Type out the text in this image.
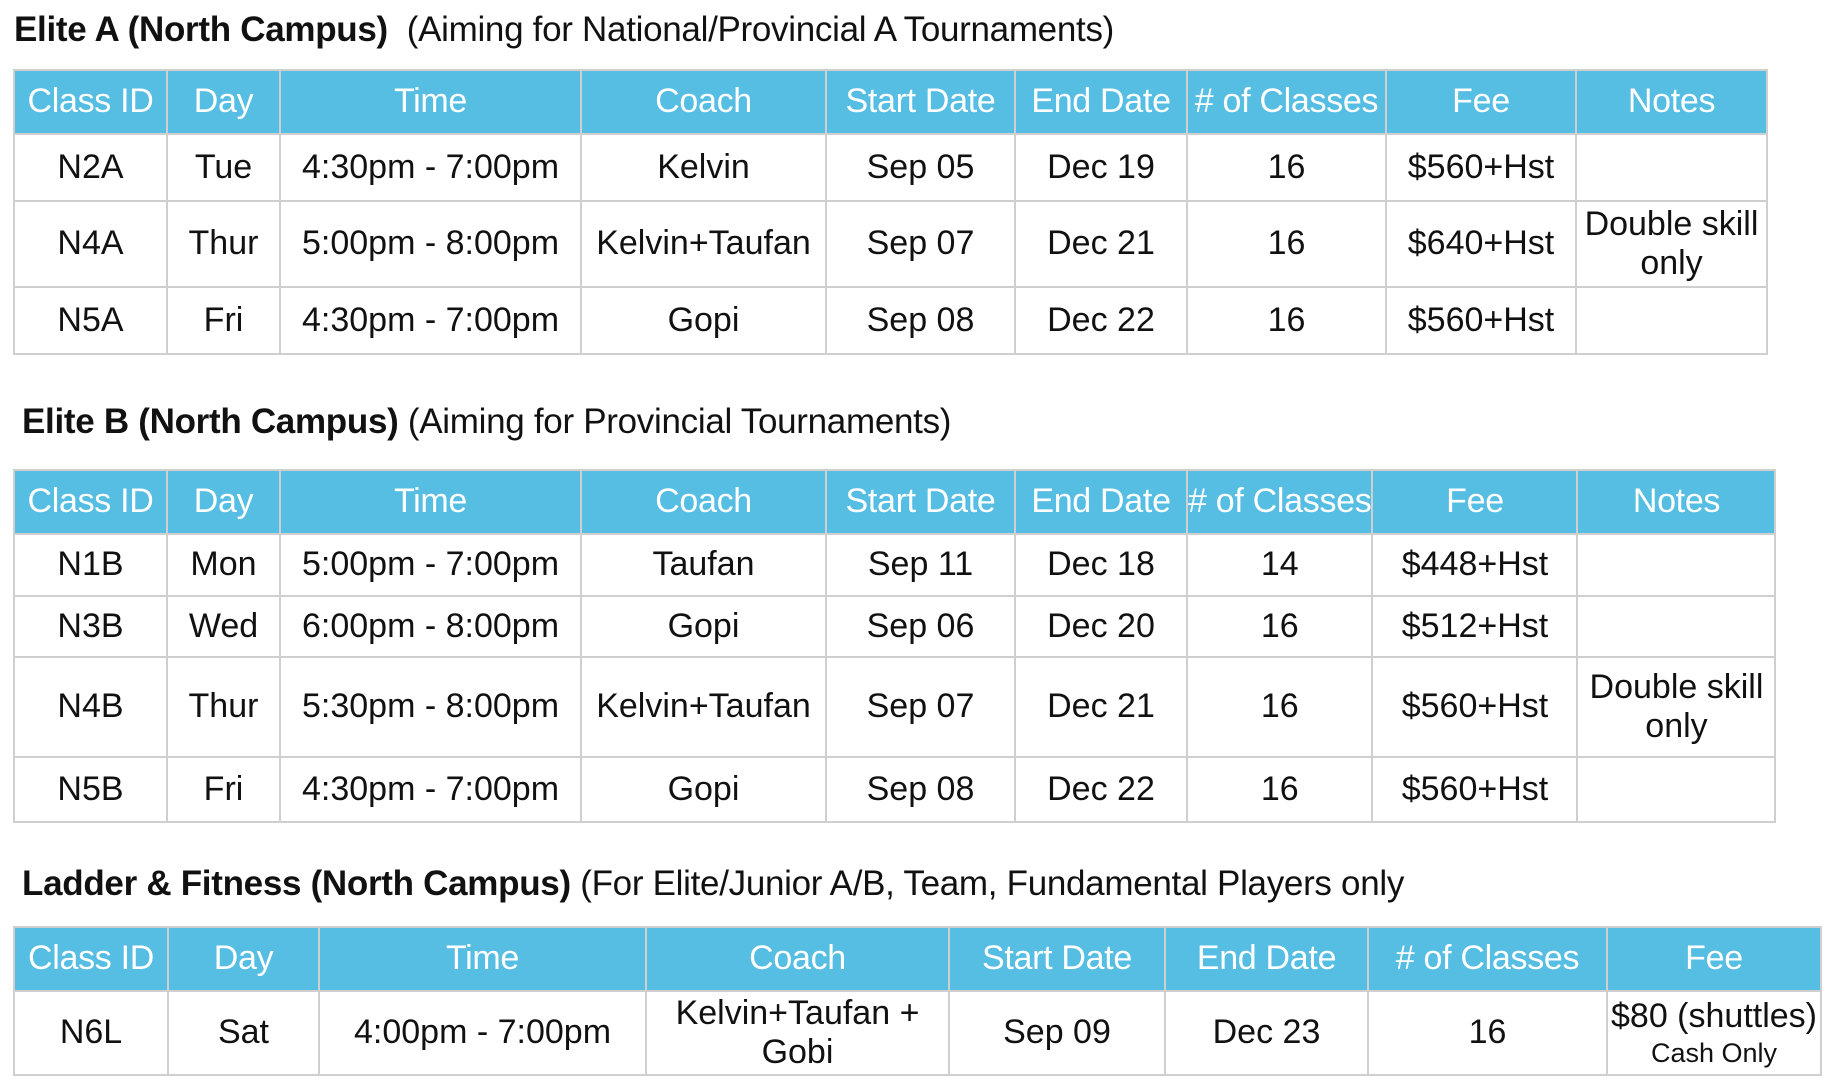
Elite A (North Campus)  (Aiming for National/Provincial A Tournaments)
Class ID	Day	Time	Coach	Start Date	End Date	# of Classes	Fee	Notes
N2A	Tue	4:30pm - 7:00pm	Kelvin	Sep 05	Dec 19	16	$560+Hst	
N4A	Thur	5:00pm - 8:00pm	Kelvin+Taufan	Sep 07	Dec 21	16	$640+Hst	Double skill only
N5A	Fri	4:30pm - 7:00pm	Gopi	Sep 08	Dec 22	16	$560+Hst	
Elite B (North Campus) (Aiming for Provincial Tournaments)
Class ID	Day	Time	Coach	Start Date	End Date	# of Classes	Fee	Notes
N1B	Mon	5:00pm - 7:00pm	Taufan	Sep 11	Dec 18	14	$448+Hst	
N3B	Wed	6:00pm - 8:00pm	Gopi	Sep 06	Dec 20	16	$512+Hst	
N4B	Thur	5:30pm - 8:00pm	Kelvin+Taufan	Sep 07	Dec 21	16	$560+Hst	Double skill only
N5B	Fri	4:30pm - 7:00pm	Gopi	Sep 08	Dec 22	16	$560+Hst	
Ladder & Fitness (North Campus) (For Elite/Junior A/B, Team, Fundamental Players only
Class ID	Day	Time	Coach	Start Date	End Date	# of Classes	Fee
N6L	Sat	4:00pm - 7:00pm	Kelvin+Taufan + Gobi	Sep 09	Dec 23	16	$80 (shuttles)
Cash Only
